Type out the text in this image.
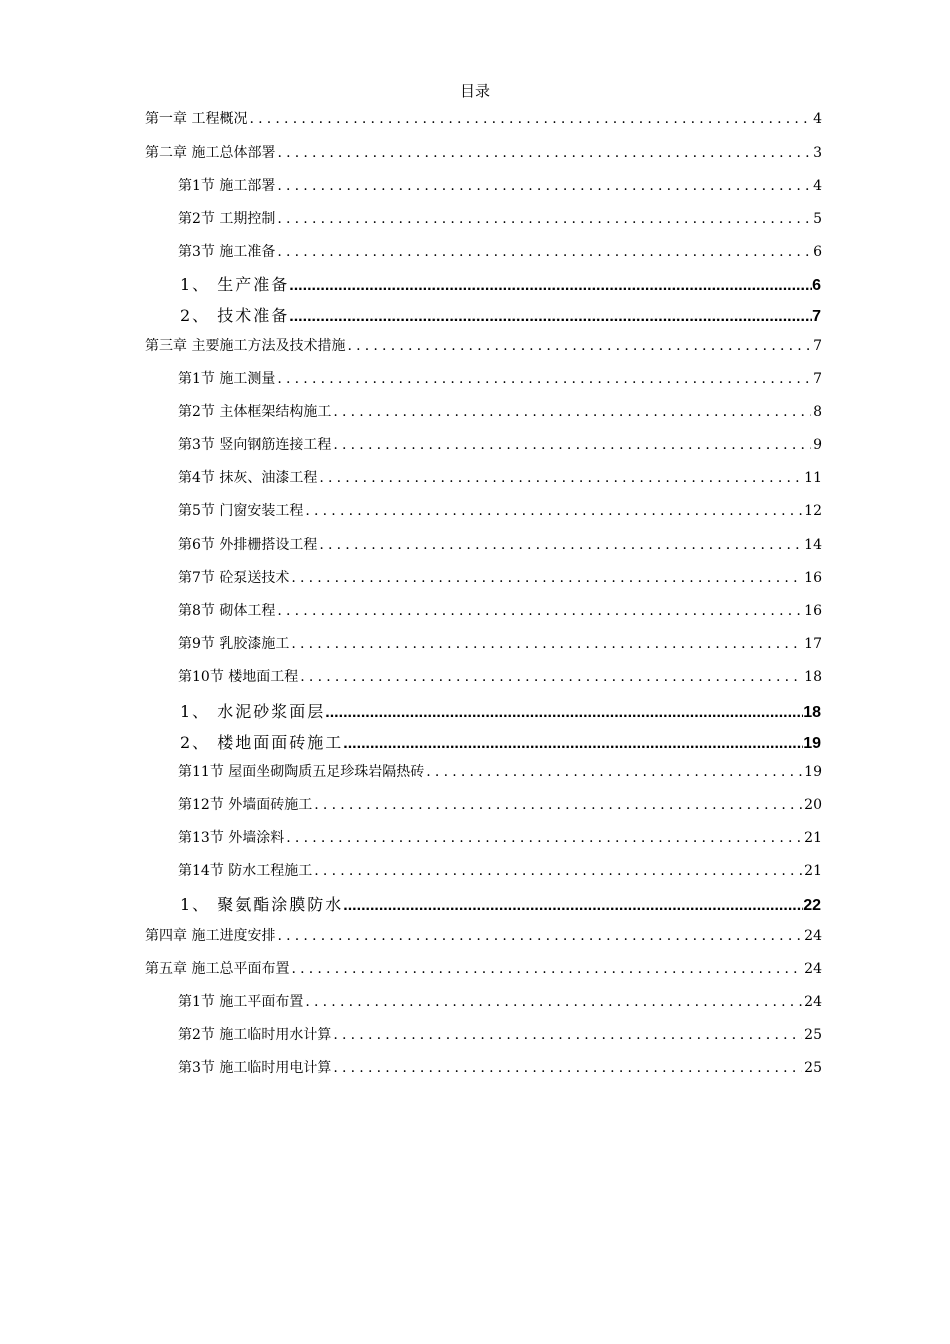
目录
第一章 工程概况 .....	4
第二章 施工总体部署 .....	3
第1节 施工部署 .....	4
第2节 工期控制 .....	5
第3节 施工准备 .....	6
1、 生产准备 .....	6
2、 技术准备 .....	7
第三章 主要施工方法及技术措施 .....	7
第1节 施工测量 .....	7
第2节 主体框架结构施工 .....	8
第3节 竖向钢筋连接工程 .....	9
第4节 抹灰、油漆工程 .....	11
第5节 门窗安装工程 .....	12
第6节 外排栅搭设工程 .....	14
第7节 砼泵送技术 .....	16
第8节 砌体工程 .....	16
第9节 乳胶漆施工 .....	17
第10节 楼地面工程 .....	18
1、 水泥砂浆面层 .....	18
2、 楼地面面砖施工 .....	19
第11节 屋面坐砌陶质五足珍珠岩隔热砖 .....	19
第12节 外墙面砖施工 .....	20
第13节 外墙涂料 .....	21
第14节 防水工程施工 .....	21
1、 聚氨酯涂膜防水 .....	22
第四章 施工进度安排 .....	24
第五章 施工总平面布置 .....	24
第1节 施工平面布置 .....	24
第2节 施工临时用水计算 .....	25
第3节 施工临时用电计算 .....	25
